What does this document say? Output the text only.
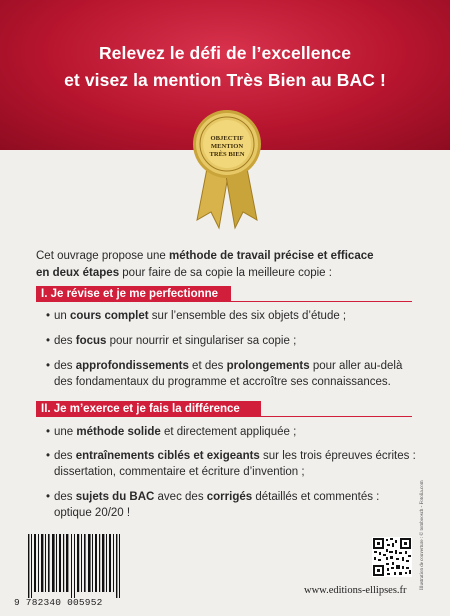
Relevez le défi de l’excellence
et visez la mention Très Bien au BAC !
OBJECTIF
MENTION
TRÈS BIEN
Cet ouvrage propose une méthode de travail précise et efficace
en deux étapes pour faire de sa copie la meilleure copie :
I. Je révise et je me perfectionne
• un cours complet sur l’ensemble des six objets d’étude ;
• des focus pour nourrir et singulariser sa copie ;
• des approfondissements et des prolongements pour aller au-delà
des fondamentaux du programme et accroître ses connaissances.
II. Je m’exerce et je fais la différence
• une méthode solide et directement appliquée ;
• des entraînements ciblés et exigeants sur les trois épreuves écrites :
dissertation, commentaire et écriture d’invention ;
• des sujets du BAC avec des corrigés détaillés et commentés :
optique 20/20 !
9 782340 005952
www.editions-ellipses.fr
Illustration de couverture : © tomboosch - Fotolia.com
